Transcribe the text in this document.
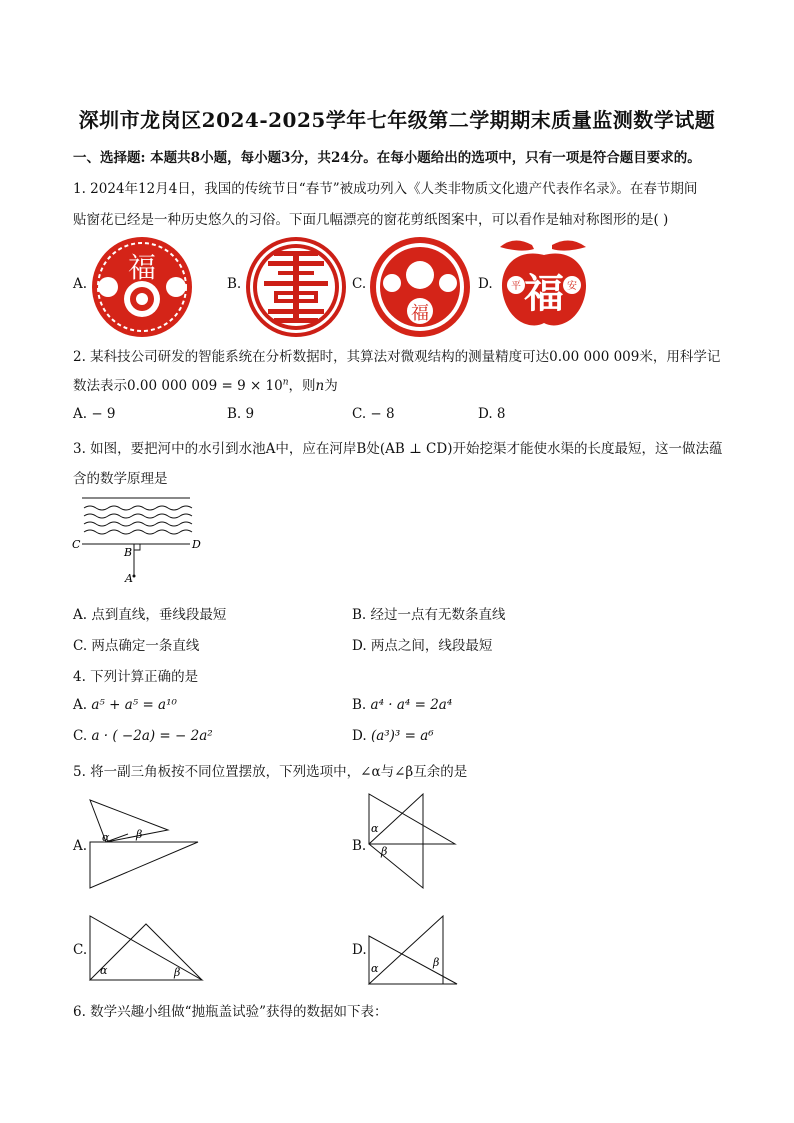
深圳市龙岗区2024-2025学年七年级第二学期期末质量监测数学试题
一、选择题: 本题共8小题，每小题3分，共24分。在每小题给出的选项中，只有一项是符合题目要求的。
1. 2024年12月4日，我国的传统节日“春节”被成功列入《人类非物质文化遗产代表作名录》。在春节期间
贴窗花已经是一种历史悠久的习俗。下面几幅漂亮的窗花剪纸图案中，可以看作是轴对称图形的是( )
A. 福	B.	C.
福
D. 平	安
福
2. 某科技公司研发的智能系统在分析数据时，其算法对微观结构的测量精度可达0.00 000 009米，用科学记
数法表示0.00 000 $009 = 9 \times 10^n$，则n为
A. − 9	B. 9	C. − 8	D. 8
3. 如图，要把河中的水引到水池A中，应在河岸B处(AB ⊥ CD)开始挖渠才能使水渠的长度最短，这一做法蕴
含的数学原理是
C	D
B
A
A. 点到直线，垂线段最短	B. 经过一点有无数条直线
C. 两点确定一条直线	D. 两点之间，线段最短
4. 下列计算正确的是
A. a⁵ + a⁵ = a¹⁰	B. a⁴ · a⁴ = 2a⁴
C. a · ( −2a) = − 2a²	D. (a³)³ = a⁶
5. 将一副三角板按不同位置摆放，下列选项中，∠α与∠β互余的是
A.
α β
B.
α
β
C.
α	β
D.
α	β
6. 数学兴趣小组做“抛瓶盖试验”获得的数据如下表：
